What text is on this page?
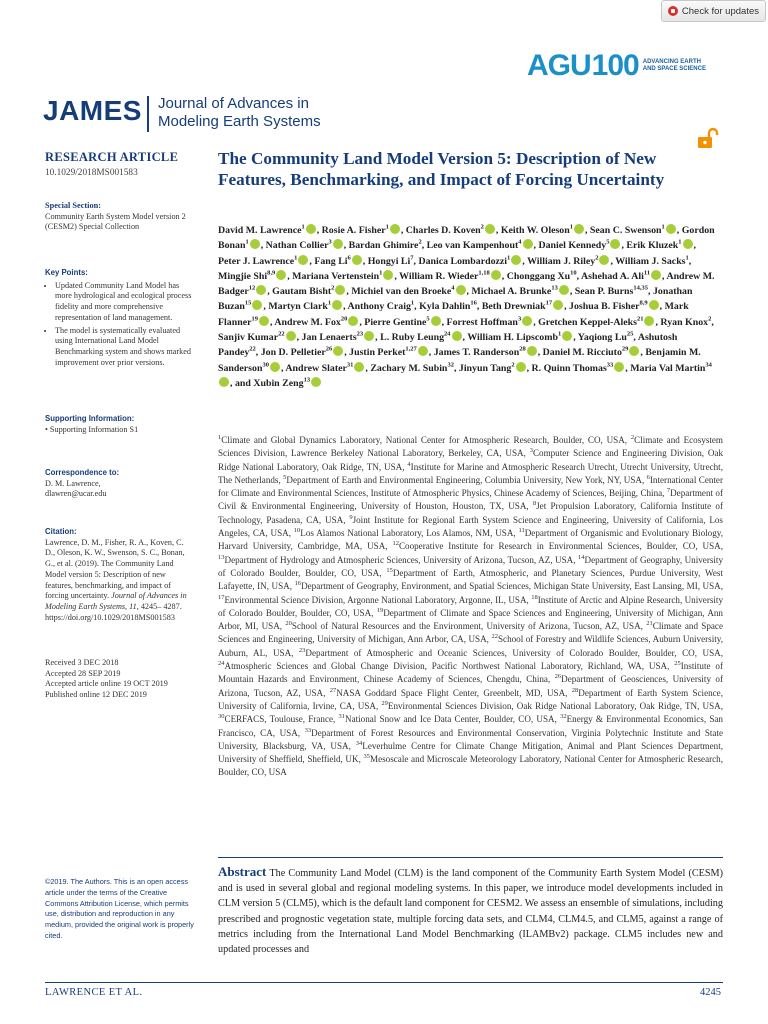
Check for updates
AGU 100 ADVANCING EARTH AND SPACE SCIENCE
JAMES Journal of Advances in
Modeling Earth Systems
RESEARCH ARTICLE
10.1029/2018MS001583
Special Section:
Community Earth System Model version 2 (CESM2) Special Collection
Key Points:
• Updated Community Land Model has more hydrological and ecological process fidelity and more comprehensive representation of land management.
• The model is systematically evaluated using International Land Model Benchmarking system and shows marked improvement over prior versions.
Supporting Information:
• Supporting Information S1
Correspondence to:
D. M. Lawrence,
dlawren@ucar.edu
Citation:
Lawrence, D. M., Fisher, R. A., Koven, C. D., Oleson, K. W., Swenson, S. C., Bonan, G., et al. (2019). The Community Land Model version 5: Description of new features, benchmarking, and impact of forcing uncertainty. Journal of Advances in Modeling Earth Systems, 11, 4245– 4287. https://doi.org/10.1029/2018MS001583
Received 3 DEC 2018
Accepted 28 SEP 2019
Accepted article online 19 OCT 2019
Published online 12 DEC 2019
©2019. The Authors. This is an open access article under the terms of the Creative Commons Attribution License, which permits use, distribution and reproduction in any medium, provided the original work is properly cited.
The Community Land Model Version 5: Description of New Features, Benchmarking, and Impact of Forcing Uncertainty
David M. Lawrence$^1$ , Rosie A. Fisher$^1$ , Charles D. Koven$^2$ , Keith W. Oleson$^1$ , Sean C. Swenson$^1$ , Gordon Bonan$^1$ , Nathan Collier$^3$ , Bardan Ghimire$^2$, Leo van Kampenhout$^4$ , Daniel Kennedy$^5$ , Erik Kluzek$^1$ , Peter J. Lawrence$^1$ , Fang Li$^6$ , Hongyi Li$^7$, Danica Lombardozzi$^1$ , William J. Riley$^2$ , William J. Sacks$^1$, Mingjie Shi$^{8,9}$ , Mariana Vertenstein$^1$ , William R. Wieder$^{1,18}$ , Chonggang Xu$^{10}$, Ashehad A. Ali$^{11}$ , Andrew M. Badger$^{12}$ , Gautam Bisht$^2$ , Michiel van den Broeke$^4$ , Michael A. Brunke$^{13}$ , Sean P. Burns$^{14,35}$, Jonathan Buzan$^{15}$ , Martyn Clark$^1$ , Anthony Craig$^1$, Kyla Dahlin$^{16}$, Beth Drewniak$^{17}$ , Joshua B. Fisher$^{8,9}$ , Mark Flanner$^{19}$ , Andrew M. Fox$^{20}$ , Pierre Gentine$^5$ , Forrest Hoffman$^3$ , Gretchen Keppel-Aleks$^{21}$ , Ryan Knox$^2$, Sanjiv Kumar$^{22}$ , Jan Lenaerts$^{23}$ , L. Ruby Leung$^{24}$ , William H. Lipscomb$^1$ , Yaqiong Lu$^{25}$, Ashutosh Pandey$^{22}$, Jon D. Pelletier$^{26}$ , Justin Perket$^{1,27}$ , James T. Randerson$^{28}$ , Daniel M. Ricciuto$^{29}$ , Benjamin M. Sanderson$^{30}$ , Andrew Slater$^{31}$ , Zachary M. Subin$^{32}$, Jinyun Tang$^2$ , R. Quinn Thomas$^{33}$ , Maria Val Martin$^{34}$, and Xubin Zeng$^{13}$
$^1$Climate and Global Dynamics Laboratory, National Center for Atmospheric Research, Boulder, CO, USA, $^2$Climate and Ecosystem Sciences Division, Lawrence Berkeley National Laboratory, Berkeley, CA, USA, $^3$Computer Science and Engineering Division, Oak Ridge National Laboratory, Oak Ridge, TN, USA, $^4$Institute for Marine and Atmospheric Research Utrecht, Utrecht University, Utrecht, The Netherlands, $^5$Department of Earth and Environmental Engineering, Columbia University, New York, NY, USA, $^6$International Center for Climate and Environmental Sciences, Institute of Atmospheric Physics, Chinese Academy of Sciences, Beijing, China, $^7$Department of Civil & Environmental Engineering, University of Houston, Houston, TX, USA, $^8$Jet Propulsion Laboratory, California Institute of Technology, Pasadena, CA, USA, $^9$Joint Institute for Regional Earth System Science and Engineering, University of California, Los Angeles, CA, USA, $^{10}$Los Alamos National Laboratory, Los Alamos, NM, USA, $^{11}$Department of Organismic and Evolutionary Biology, Harvard University, Cambridge, MA, USA, $^{12}$Cooperative Institute for Research in Environmental Sciences, Boulder, CO, USA, $^{13}$Department of Hydrology and Atmospheric Sciences, University of Arizona, Tucson, AZ, USA, $^{14}$Department of Geography, University of Colorado Boulder, Boulder, CO, USA, $^{15}$Department of Earth, Atmospheric, and Planetary Sciences, Purdue University, West Lafayette, IN, USA, $^{16}$Department of Geography, Environment, and Spatial Sciences, Michigan State University, East Lansing, MI, USA, $^{17}$Environmental Science Division, Argonne National Laboratory, Argonne, IL, USA, $^{18}$Institute of Arctic and Alpine Research, University of Colorado Boulder, Boulder, CO, USA, $^{19}$Department of Climate and Space Sciences and Engineering, University of Michigan, Ann Arbor, MI, USA, $^{20}$School of Natural Resources and the Environment, University of Arizona, Tucson, AZ, USA, $^{21}$Climate and Space Sciences and Engineering, University of Michigan, Ann Arbor, CA, USA, $^{22}$School of Forestry and Wildlife Sciences, Auburn University, Auburn, AL, USA, $^{23}$Department of Atmospheric and Oceanic Sciences, University of Colorado Boulder, Boulder, CO, USA, $^{24}$Atmospheric Sciences and Global Change Division, Pacific Northwest National Laboratory, Richland, WA, USA, $^{25}$Institute of Mountain Hazards and Environment, Chinese Academy of Sciences, Chengdu, China, $^{26}$Department of Geosciences, University of Arizona, Tucson, AZ, USA, $^{27}$NASA Goddard Space Flight Center, Greenbelt, MD, USA, $^{28}$Department of Earth System Science, University of California, Irvine, CA, USA, $^{29}$Environmental Sciences Division, Oak Ridge National Laboratory, Oak Ridge, TN, USA, $^{30}$CERFACS, Toulouse, France, $^{31}$National Snow and Ice Data Center, Boulder, CO, USA, $^{32}$Energy & Environmental Economics, San Francisco, CA, USA, $^{33}$Department of Forest Resources and Environmental Conservation, Virginia Polytechnic Institute and State University, Blacksburg, VA, USA, $^{34}$Leverhulme Centre for Climate Change Mitigation, Animal and Plant Sciences Department, University of Sheffield, Sheffield, UK, $^{35}$Mesoscale and Microscale Meteorology Laboratory, National Center for Atmospheric Research, Boulder, CO, USA
Abstract The Community Land Model (CLM) is the land component of the Community Earth System Model (CESM) and is used in several global and regional modeling systems. In this paper, we introduce model developments included in CLM version 5 (CLM5), which is the default land component for CESM2. We assess an ensemble of simulations, including prescribed and prognostic vegetation state, multiple forcing data sets, and CLM4, CLM4.5, and CLM5, against a range of metrics including from the International Land Model Benchmarking (ILAMBv2) package. CLM5 includes new and updated processes and
LAWRENCE ET AL.	4245
